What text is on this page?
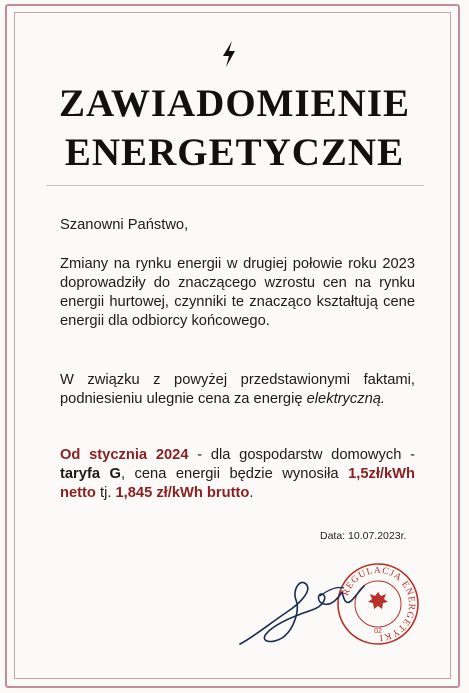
ZAWIADOMIENIE
ENERGETYCZNE

Szanowni Państwo,

Zmiany na rynku energii w drugiej połowie roku 2023 doprowadziły do znaczącego wzrostu cen na rynku energii hurtowej, czynniki te znacząco kształtują cene energii dla odbiorcy końcowego.

W związku z powyżej przedstawionymi faktami, podniesieniu ulegnie cena za energię elektryczną.

Od stycznia 2024 - dla gospodarstw domowych - taryfa G, cena energii będzie wynosiła 1,5zł/kWh netto tj. 1,845 zł/kWh brutto.

Data: 10.07.2023r.
REGULACJA ENERGETYKI
02
